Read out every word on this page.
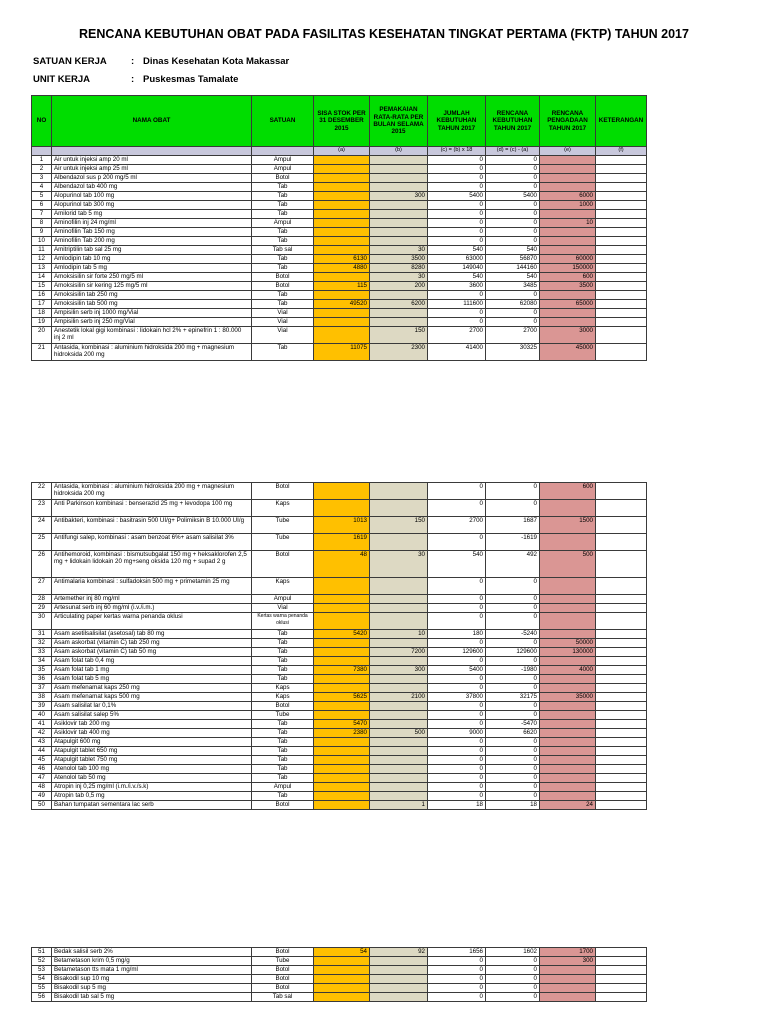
RENCANA KEBUTUHAN OBAT PADA FASILITAS KESEHATAN TINGKAT PERTAMA (FKTP) TAHUN 2017
SATUAN KERJA	: Dinas Kesehatan Kota Makassar
UNIT KERJA	: Puskesmas Tamalate
NO	NAMA OBAT	SATUAN	SISA STOK PER 31 DESEMBER 2015	PEMAKAIAN RATA-RATA PER BULAN SELAMA 2015	JUMLAH KEBUTUHAN TAHUN 2017	RENCANA KEBUTUHAN TAHUN 2017	RENCANA PENGADAAN TAHUN 2017	KETERANGAN
			(a)	(b)	(c) = (b) x 18	(d) = (c) - (a)	(e)	(f)
1	Air untuk injeksi amp 20 ml	Ampul			0	0		
2	Air untuk injeksi amp 25 ml	Ampul			0	0		
3	Albendazol sus p 200 mg/5 ml	Botol			0	0		
4	Albendazol tab 400 mg	Tab			0	0		
5	Alopurinol tab 100 mg	Tab		300	5400	5400	6000	
6	Alopurinol tab 300 mg	Tab			0	0	1000	
7	Amilorid tab 5 mg	Tab			0	0		
8	Aminofilin inj 24 mg/ml	Ampul			0	0	10	
9	Aminofilin Tab 150 mg	Tab			0	0		
10	Aminofilin Tab 200 mg	Tab			0	0		
11	Amitriptilin tab sal 25 mg	Tab sal		30	540	540		
12	Amlodipin tab 10 mg	Tab	6130	3500	63000	56870	60000	
13	Amlodipin tab 5 mg	Tab	4880	8280	149040	144160	150000	
14	Amoksisilin sir forte 250 mg/5 ml	Botol		30	540	540	600	
15	Amoksisilin sir kering 125 mg/5 ml	Botol	115	200	3600	3485	3500	
16	Amoksisilin tab 250 mg	Tab			0	0		
17	Amoksisilin tab 500 mg	Tab	49520	6200	111600	62080	65000	
18	Ampisilin serb inj 1000 mg/Vial	Vial			0	0		
19	Ampisilin serb inj 250 mg/Vial	Vial			0	0		
20	Anestetik lokal gigi kombinasi : lidokain hcl 2% + epinefrin 1 : 80.000 inj 2 ml	Vial		150	2700	2700	3000	
21	Antasida, kombinasi : aluminium hidroksida 200 mg + magnesium hidroksida 200 mg	Tab	11075	2300	41400	30325	45000	
22	Antasida, kombinasi : aluminium hidroksida 200 mg + magnesium hidroksida 200 mg	Botol			0	0	600	
23	Anti Parkinson kombinasi : benserazid 25 mg + levodopa 100 mg	Kaps			0	0		
24	Antibakteri, kombinasi : basitrasin 500 UI/g+ Polimiksin B 10.000 UI/g	Tube	1013	150	2700	1687	1500	
25	Antifungi salep, kombinasi : asam benzoat 6%+ asam salisilat 3%	Tube	1619		0	-1619		
26	Antihemoroid, kombinasi : bismutsubgalat 150 mg + heksaklorofen 2,5 mg + lidokain lidokain 20 mg+seng oksida 120 mg + supad 2 g	Botol	48	30	540	492	500	
27	Antimalaria kombinasi : sulfadoksin 500 mg + primetamin 25 mg	Kaps			0	0		
28	Artemether inj 80 mg/ml	Ampul			0	0		
29	Artesunat serb inj 60 mg/ml (i.v./i.m.)	Vial			0	0		
30	Articulating paper kertas warna penanda oklusi	Kertas warna penanda oklusi			0	0		
31	Asam asetilsalisilat (asetosal) tab 80 mg	Tab	5420	10	180	-5240		
32	Asam askorbat (vitamin C) tab 250 mg	Tab			0	0	50000	
33	Asam askorbat (vitamin C) tab 50 mg	Tab		7200	129600	129600	130000	
34	Asam folat tab 0,4 mg	Tab			0	0		
35	Asam folat tab 1 mg	Tab	7380	300	5400	-1980	4000	
36	Asam folat tab 5 mg	Tab			0	0		
37	Asam mefenamat kaps 250 mg	Kaps			0	0		
38	Asam mefenamat kaps 500 mg	Kaps	5625	2100	37800	32175	35000	
39	Asam salisilat lar 0,1%	Botol			0	0		
40	Asam salisilat salep 5%	Tube			0	0		
41	Asiklovir tab 200 mg	Tab	5470		0	-5470		
42	Asiklovir tab 400 mg	Tab	2380	500	9000	6620		
43	Atapulgit 600 mg	Tab			0	0		
44	Atapulgit tablet 650 mg	Tab			0	0		
45	Atapulgit tablet 750 mg	Tab			0	0		
46	Atenolol tab 100 mg	Tab			0	0		
47	Atenolol tab 50 mg	Tab			0	0		
48	Atropin inj 0,25 mg/ml (i.m./i.v./s.k)	Ampul			0	0		
49	Atropin tab 0,5 mg	Tab			0	0		
50	Bahan tumpatan sementara lac serb	Botol		1	18	18	24	
51	Bedak salisil serb 2%	Botol	54	92	1656	1602	1700	
52	Betametason krim 0,5 mg/g	Tube			0	0	300	
53	Betametason tts mata 1 mg/ml	Botol			0	0		
54	Bisakodil sup 10 mg	Botol			0	0		
55	Bisakodil sup 5 mg	Botol			0	0		
56	Bisakodil tab sal 5 mg	Tab sal			0	0		
